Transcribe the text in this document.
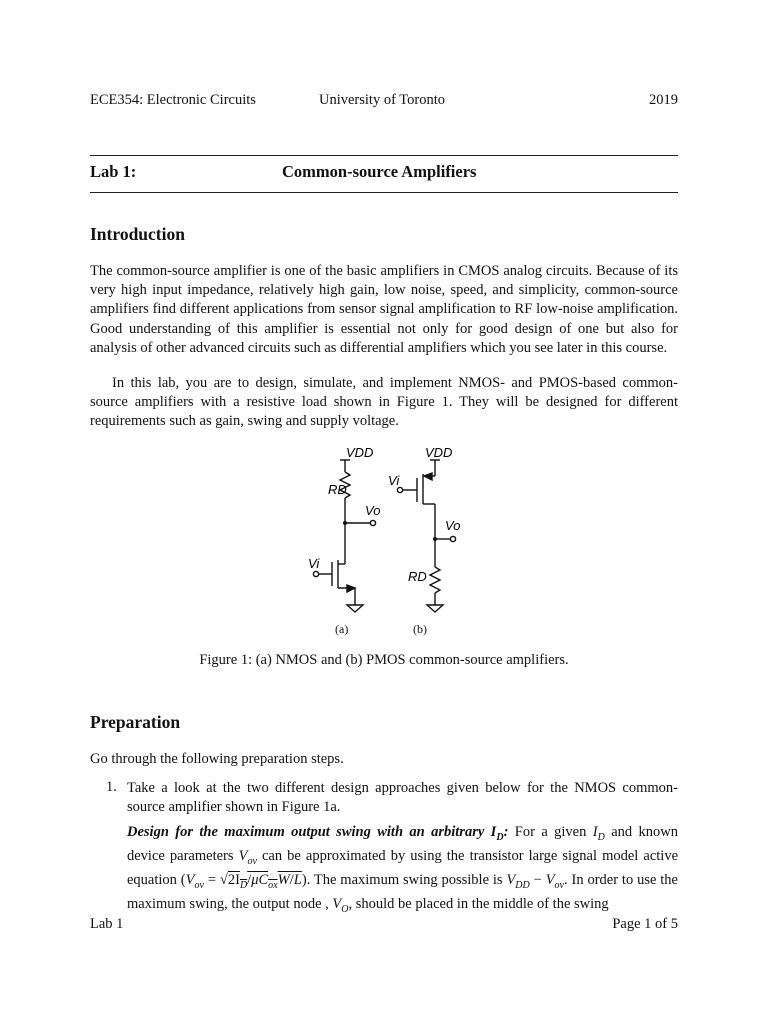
ECE354: Electronic Circuits	University of Toronto	2019
Lab 1:	Common-source Amplifiers
Introduction
The common-source amplifier is one of the basic amplifiers in CMOS analog circuits. Because of its very high input impedance, relatively high gain, low noise, speed, and simplicity, common-source amplifiers find different applications from sensor signal amplification to RF low-noise amplification. Good understanding of this amplifier is essential not only for good design of one but also for analysis of other advanced circuits such as differential amplifiers which you see later in this course.
In this lab, you are to design, simulate, and implement NMOS- and PMOS-based common-source amplifiers with a resistive load shown in Figure 1. They will be designed for different requirements such as gain, swing and supply voltage.
VDD	VDD
RD
RD
Vo
Vo
Vi
Vi
(a)	(b)
Figure 1: (a) NMOS and (b) PMOS common-source amplifiers.
Preparation
Go through the following preparation steps.
1. Take a look at the two different design approaches given below for the NMOS common-source amplifier shown in Figure 1a.
Design for the maximum output swing with an arbitrary $I_D$: For a given $I_D$ and known device parameters $V_{ov}$ can be approximated by using the transistor large signal model active equation $(V_{ov} = √2I_D/\mu C_{ox}W/L)$. The maximum swing possible is $V_{DD} - V_{ov}$. In order to use the maximum swing, the output node , $V_O$, should be placed in the middle of the swing
Lab 1	Page 1 of 5
